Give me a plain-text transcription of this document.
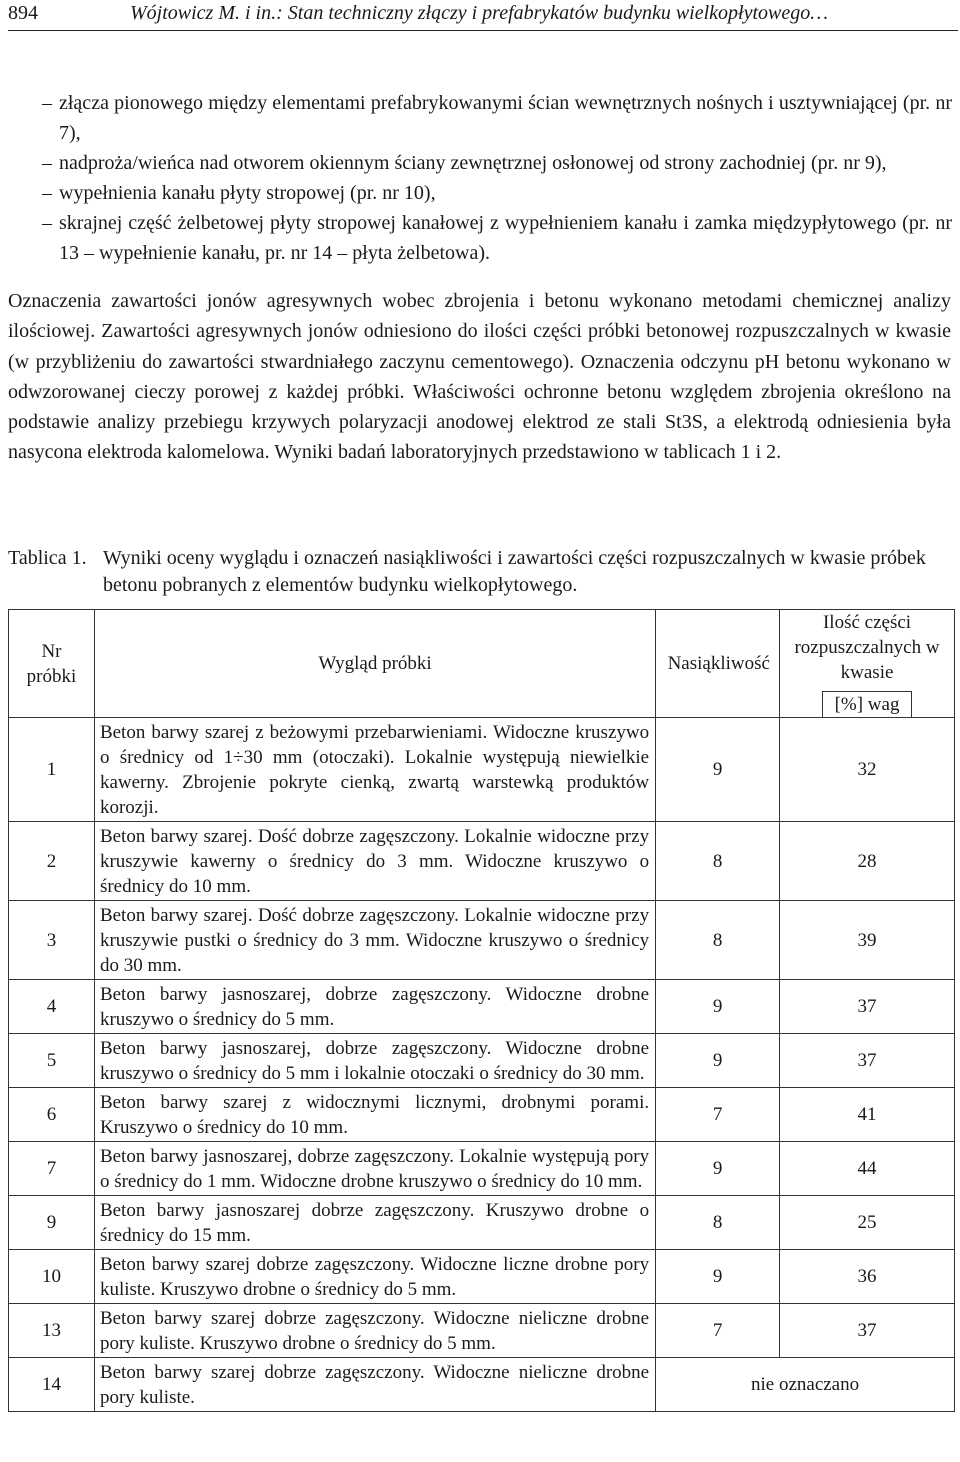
894	Wójtowicz M. i in.: Stan techniczny złączy i prefabrykatów budynku wielkopłytowego…
– złącza pionowego między elementami prefabrykowanymi ścian wewnętrznych nośnych i usztywniającej (pr. nr 7),
– nadproża/wieńca nad otworem okiennym ściany zewnętrznej osłonowej od strony zachodniej (pr. nr 9),
– wypełnienia kanału płyty stropowej (pr. nr 10),
– skrajnej część żelbetowej płyty stropowej kanałowej z wypełnieniem kanału i zamka międzypłytowego (pr. nr 13 – wypełnienie kanału, pr. nr 14 – płyta żelbetowa).
Oznaczenia zawartości jonów agresywnych wobec zbrojenia i betonu wykonano metodami chemicznej analizy ilościowej. Zawartości agresywnych jonów odniesiono do ilości części próbki betonowej rozpuszczalnych w kwasie (w przybliżeniu do zawartości stwardniałego zaczynu cementowego). Oznaczenia odczynu pH betonu wykonano w odwzorowanej cieczy porowej z każdej próbki. Właściwości ochronne betonu względem zbrojenia określono na podstawie analizy przebiegu krzywych polaryzacji anodowej elektrod ze stali St3S, a elektrodą odniesienia była nasycona elektroda kalomelowa. Wyniki badań laboratoryjnych przedstawiono w tablicach 1 i 2.
Tablica 1. Wyniki oceny wyglądu i oznaczeń nasiąkliwości i zawartości części rozpuszczalnych w kwasie próbek betonu pobranych z elementów budynku wielkopłytowego.
Nr próbki	Wygląd próbki	Nasiąkliwość	Ilość części rozpuszczalnych w kwasie
[%] wag
1	Beton barwy szarej z beżowymi przebarwieniami. Widoczne kruszywo o średnicy od 1÷30 mm (otoczaki). Lokalnie występują niewielkie kawerny. Zbrojenie pokryte cienką, zwartą warstewką produktów korozji.	9	32
2	Beton barwy szarej. Dość dobrze zagęszczony. Lokalnie widoczne przy kruszywie kawerny o średnicy do 3 mm. Widoczne kruszywo o średnicy do 10 mm.	8	28
3	Beton barwy szarej. Dość dobrze zagęszczony. Lokalnie widoczne przy kruszywie pustki o średnicy do 3 mm. Widoczne kruszywo o średnicy do 30 mm.	8	39
4	Beton barwy jasnoszarej, dobrze zagęszczony. Widoczne drobne kruszywo o średnicy do 5 mm.	9	37
5	Beton barwy jasnoszarej, dobrze zagęszczony. Widoczne drobne kruszywo o średnicy do 5 mm i lokalnie otoczaki o średnicy do 30 mm.	9	37
6	Beton barwy szarej z widocznymi licznymi, drobnymi porami. Kruszywo o średnicy do 10 mm.	7	41
7	Beton barwy jasnoszarej, dobrze zagęszczony. Lokalnie występują pory o średnicy do 1 mm. Widoczne drobne kruszywo o średnicy do 10 mm.	9	44
9	Beton barwy jasnoszarej dobrze zagęszczony. Kruszywo drobne o średnicy do 15 mm.	8	25
10	Beton barwy szarej dobrze zagęszczony. Widoczne liczne drobne pory kuliste. Kruszywo drobne o średnicy do 5 mm.	9	36
13	Beton barwy szarej dobrze zagęszczony. Widoczne nieliczne drobne pory kuliste. Kruszywo drobne o średnicy do 5 mm.	7	37
14	Beton barwy szarej dobrze zagęszczony. Widoczne nieliczne drobne pory kuliste.	nie oznaczano	
